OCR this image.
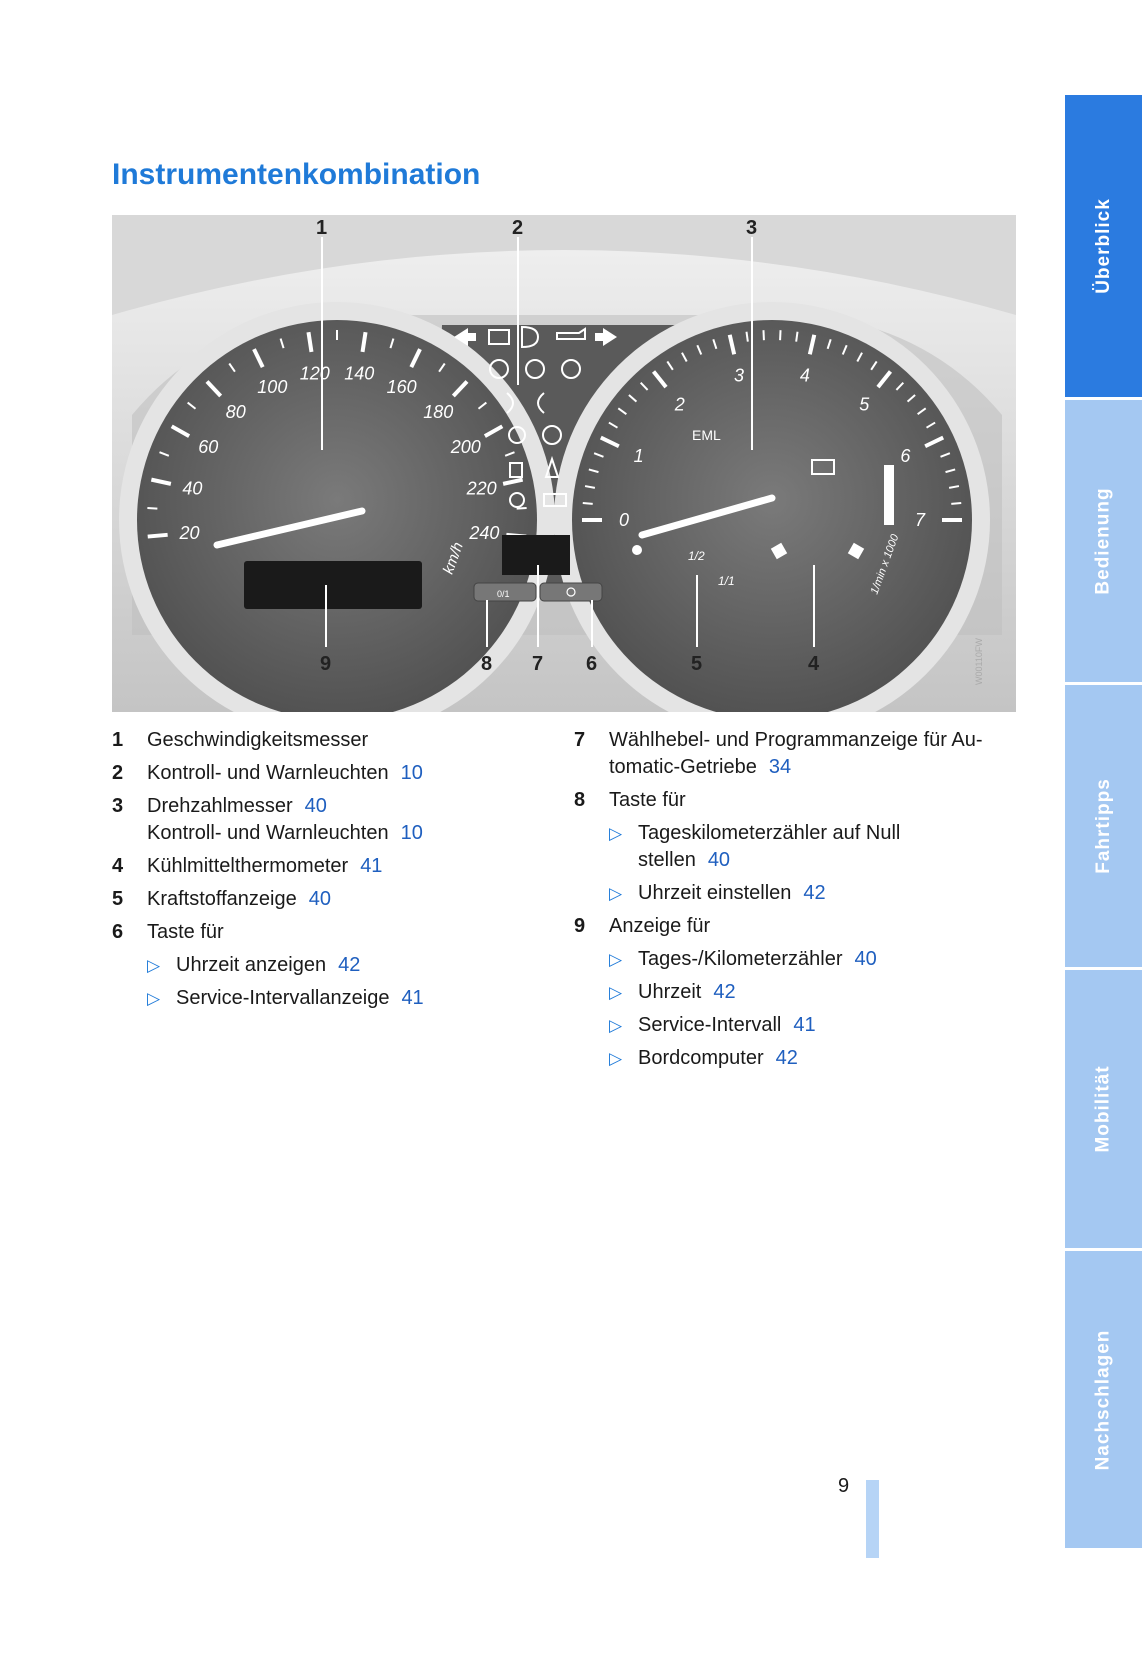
Instrumentenkombination
20
40
60
80
100
120 140
160
180
200
220
240
km/h
0
1
2
3	4
5
6
7
EML
1/2
1/1	1/min x 1000
0/1
1	2	3
9	8 7 6	5	4	W00110FW
1	Geschwindigkeitsmesser
2	Kontroll- und Warnleuchten 10
3	Drehzahlmesser 40
Kontroll- und Warnleuchten 10
4	Kühlmittelthermometer 41
5	Kraftstoffanzeige 40
6	Taste für
▷ Uhrzeit anzeigen 42
▷ Service-Intervallanzeige 41
7	Wählhebel- und Programmanzeige für Au-
tomatic-Getriebe 34
8	Taste für
▷ Tageskilometerzähler auf Null
stellen 40
▷ Uhrzeit einstellen 42
9	Anzeige für
▷ Tages-/Kilometerzähler 40
▷ Uhrzeit 42
▷ Service-Intervall 41
▷ Bordcomputer 42
Überblick
Bedienung
Fahrtipps
Mobilität
Nachschlagen
9
